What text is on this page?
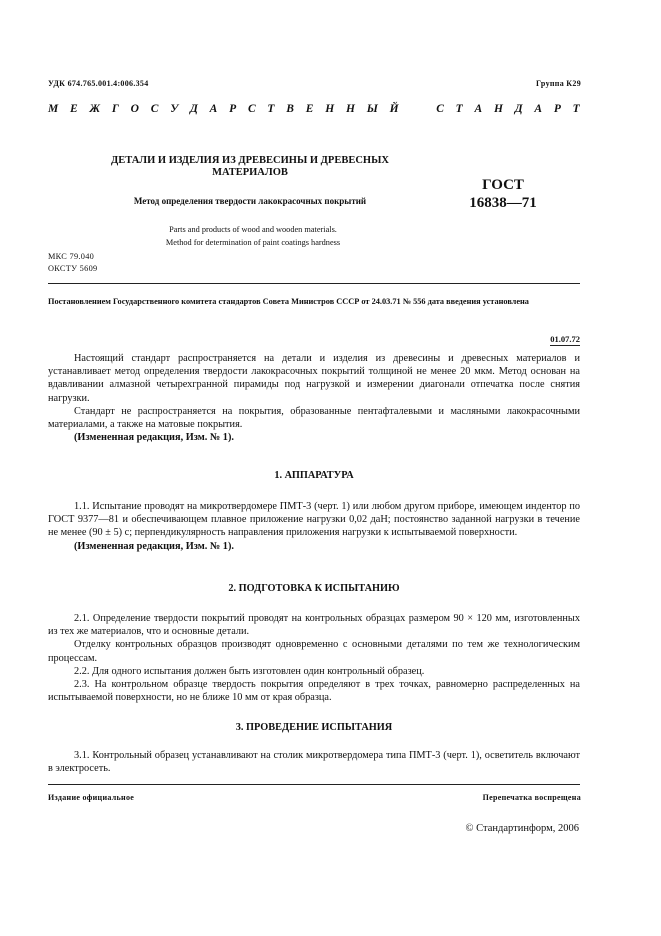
УДК 674.765.001.4:006.354	Группа К29
М Е Ж Г О С У Д А Р С Т В Е Н Н Ы Й
	С Т А Н Д А Р Т
ДЕТАЛИ И ИЗДЕЛИЯ ИЗ ДРЕВЕСИНЫ И ДРЕВЕСНЫХ
МАТЕРИАЛОВ
Метод определения твердости лакокрасочных покрытий
ГОСТ
16838—71
Parts and products of wood and wooden materials.
Method for determination of paint coatings hardness
МКС 79.040
ОКСТУ 5609
Постановлением Государственного комитета стандартов Совета Министров СССР от 24.03.71 № 556 дата введения установлена
01.07.72

Настоящий стандарт распространяется на детали и изделия из древесины и древесных материалов и устанавливает метод определения твердости лакокрасочных покрытий толщиной не менее 20 мкм. Метод основан на вдавливании алмазной четырехгранной пирамиды под нагрузкой и измерении диагонали отпечатка после снятия нагрузки.

Стандарт не распространяется на покрытия, образованные пентафталевыми и масляными лакокрасочными материалами, а также на матовые покрытия.

(Измененная редакция, Изм. № 1).

1. АППАРАТУРА

1.1. Испытание проводят на микротвердомере ПМТ-3 (черт. 1) или любом другом приборе, имеющем индентор по ГОСТ 9377—81 и обеспечивающем плавное приложение нагрузки 0,02 даН; постоянство заданной нагрузки в течение не менее (90 ± 5) с; перпендикулярность направления приложения нагрузки к испытываемой поверхности.

(Измененная редакция, Изм. № 1).

2. ПОДГОТОВКА К ИСПЫТАНИЮ

2.1. Определение твердости покрытий проводят на контрольных образцах размером 90 × 120 мм, изготовленных из тех же материалов, что и основные детали.

Отделку контрольных образцов производят одновременно с основными деталями по тем же технологическим процессам.

2.2. Для одного испытания должен быть изготовлен один контрольный образец.

2.3. На контрольном образце твердость покрытия определяют в трех точках, равномерно распределенных на испытываемой поверхности, но не ближе 10 мм от края образца.

3. ПРОВЕДЕНИЕ ИСПЫТАНИЯ

3.1. Контрольный образец устанавливают на столик микротвердомера типа ПМТ-3 (черт. 1), осветитель включают в электросеть.

Издание официальное	Перепечатка воспрещена
© Стандартинформ, 2006
